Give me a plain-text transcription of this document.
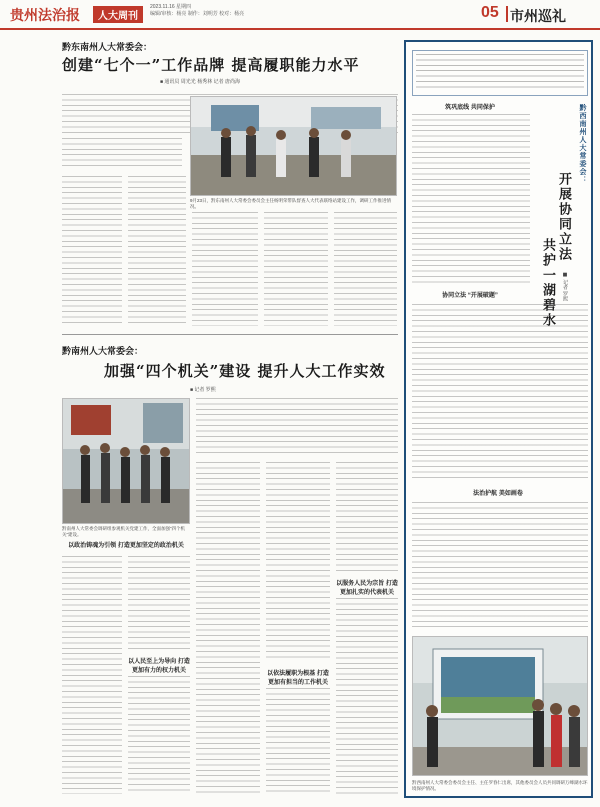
贵州法治报	人大周刊
2023.11.16 星期四
编辑/审核：杨亮 制作：刘明芳 校对：杨亮	05 市州巡礼
黔东南州人大常委会：
创建“七个一”工作品牌 提高履职能力水平
■ 通讯员 周光光 杨秀林 记者 唐尚海
9月23日，黔东南州人大常委会委员会主任杨明荣带队督查人大代表联络站建设工作，调研工作推进情况。
黔南州人大常委会：
加强“四个机关”建设 提升人大工作实效
■ 记者 罗熙
黔南州人大常委会调研组参观机关党建工作，全面加强“四个机关”建设。
以政治铸魂为引领 打造更加坚定的政治机关
以人民至上为导向 打造更加有力的权力机关	以依法履职为根基 打造更加有担当的工作机关
以服务人民为宗旨 打造更加扎实的代表机关
黔西南州人大常委会：
开展协同立法
共护一湖碧水 ■ 记者 罗熙
筑巩底线 共同保护
协同立法 “开展破题”
法治护航 美如画卷
黔西南州人大常委会委员会主任、主任罗春仁出席，其他委员会人员共同调研万峰湖水环境保护情况。
